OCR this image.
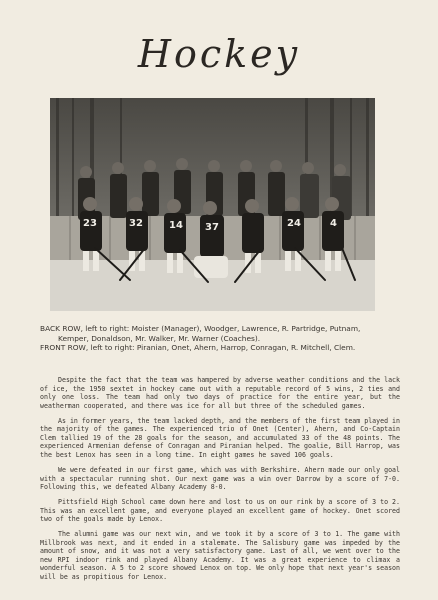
Hockey
23	32	14 37	24	4
BACK ROW, left to right: Moister (Manager), Woodger, Lawrence, R. Partridge, Putnam,
Kemper, Donaldson, Mr. Walker, Mr. Warner (Coaches).
FRONT ROW, left to right: Piranian, Onet, Ahern, Harrop, Conragan, R. Mitchell, Clem.

Despite the fact that the team was hampered by adverse weather conditions and the lack of ice, the 1950 sextet in hockey came out with a reputable record of 5 wins, 2 ties and only one loss. The team had only two days of practice for the entire year, but the weatherman cooperated, and there was ice for all but three of the scheduled games.

As in former years, the team lacked depth, and the members of the first team played in the majority of the games. The experienced trio of Onet (Center), Ahern, and Co-Captain Clem tallied 19 of the 28 goals for the season, and accumulated 33 of the 48 points. The experienced Armenian defense of Conragan and Piranian helped. The goalie, Bill Harrop, was the best Lenox has seen in a long time. In eight games he saved 106 goals.

We were defeated in our first game, which was with Berkshire. Ahern made our only goal with a spectacular running shot. Our next game was a win over Darrow by a score of 7-0. Following this, we defeated Albany Academy 8-0.

Pittsfield High School came down here and lost to us on our rink by a score of 3 to 2. This was an excellent game, and everyone played an excellent game of hockey. Onet scored two of the goals made by Lenox.

The alumni game was our next win, and we took it by a score of 3 to 1. The game with Millbrook was next, and it ended in a stalemate. The Salisbury game was impeded by the amount of snow, and it was not a very satisfactory game. Last of all, we went over to the new RPI indoor rink and played Albany Academy. It was a great experience to climax a wonderful season. A 5 to 2 score showed Lenox on top. We only hope that next year's season will be as propitious for Lenox.
